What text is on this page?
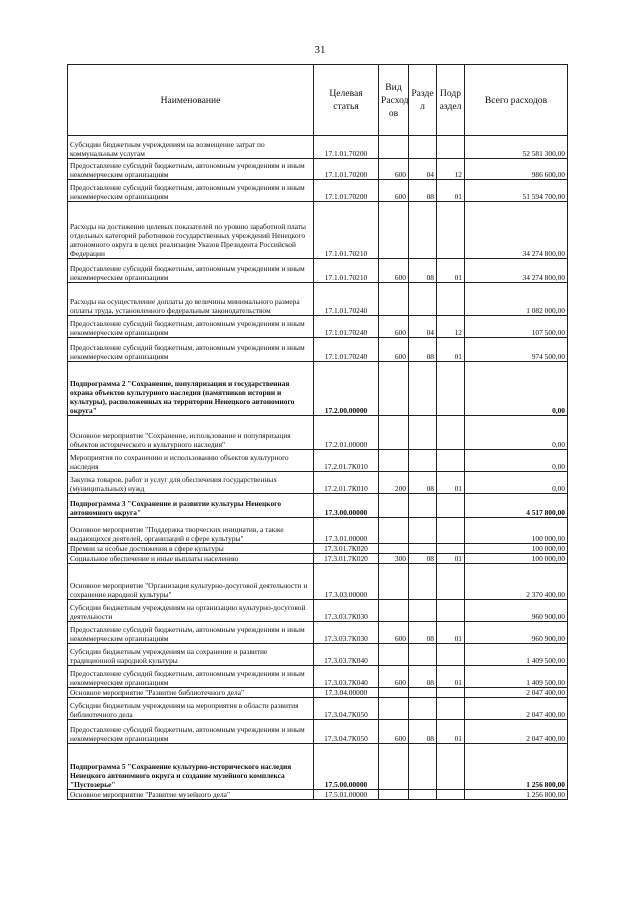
31
Наименование	Целевая статья	Вид Расход ов	Разде л	Подр аздел	Всего расходов
Субсидии бюджетным учреждениям на возмещение затрат по коммунальным услугам	17.1.01.70200				52 581 300,00
Предоставление субсидий бюджетным, автономным учреждениям и иным некоммерческим организациям	17.1.01.70200	600	04	12	986 600,00
Предоставление субсидий бюджетным, автономным учреждениям и иным некоммерческим организациям	17.1.01.70200	600	08	01	51 594 700,00
Расходы на достижение целевых показателей по уровню заработной платы отдельных категорий работников государственных учреждений Ненецкого автономного округа в целях реализации Указов Президента Российской Федерации	17.1.01.70210				34 274 800,00
Предоставление субсидий бюджетным, автономным учреждениям и иным некоммерческим организациям	17.1.01.70210	600	08	01	34 274 800,00
Расходы на осуществление доплаты до величины минимального размера оплаты труда, установленного федеральным законодательством	17.1.01.70240				1 082 000,00
Предоставление субсидий бюджетным, автономным учреждениям и иным некоммерческим организациям	17.1.01.70240	600	04	12	107 500,00
Предоставление субсидий бюджетным, автономным учреждениям и иным некоммерческим организациям	17.1.01.70240	600	08	01	974 500,00
Подпрограмма 2 "Сохранение, популяризация и государственная охрана объектов культурного наследия (памятников истории и культуры), расположенных на территории Ненецкого автономного округа"	17.2.00.00000				0,00
Основное мероприятие "Сохранение, использование и популяризация объектов исторического и культурного наследия"	17.2.01.00000				0,00
Мероприятия по сохранению и использованию объектов культурного наследия	17.2.01.7К010				0,00
Закупка товаров, работ и услуг для обеспечения государственных (муниципальных) нужд	17.2.01.7К010	200	08	01	0,00
Подпрограмма 3 "Сохранение и развитие культуры Ненецкого автономного округа"	17.3.00.00000				4 517 800,00
Основное мероприятие "Поддержка творческих инициатив, а также выдающихся деятелей, организаций в сфере культуры"	17.3.01.00000				100 000,00
Премии за особые достижения в сфере культуры	17.3.01.7К020				100 000,00
Социальное обеспечение и иные выплаты населению	17.3.01.7К020	300	08	01	100 000,00
Основное мероприятие "Организация культурно-досуговой деятельности и сохранение народной культуры"	17.3.03.00000				2 370 400,00
Субсидии бюджетным учреждениям на организацию культурно-досуговой деятельности	17.3.03.7К030				960 900,00
Предоставление субсидий бюджетным, автономным учреждениям и иным некоммерческим организациям	17.3.03.7К030	600	08	01	960 900,00
Субсидии бюджетным учреждениям на сохранение и развитие традиционной народной культуры	17.3.03.7К040				1 409 500,00
Предоставление субсидий бюджетным, автономным учреждениям и иным некоммерческим организациям	17.3.03.7К040	600	08	01	1 409 500,00
Основное мероприятие "Развитие библиотечного дела"	17.3.04.00000				2 047 400,00
Субсидии бюджетным учреждениям на мероприятия в области развития библиотечного дела	17.3.04.7К050				2 047 400,00
Предоставление субсидий бюджетным, автономным учреждениям и иным некоммерческим организациям	17.3.04.7К050	600	08	01	2 047 400,00
Подпрограмма 5 "Сохранение культурно-исторического наследия Ненецкого автономного округа и создание музейного комплекса "Пустозерье"	17.5.00.00000				1 256 800,00
Основное мероприятие "Развитие музейного дела"	17.5.01.00000				1 256 800,00
